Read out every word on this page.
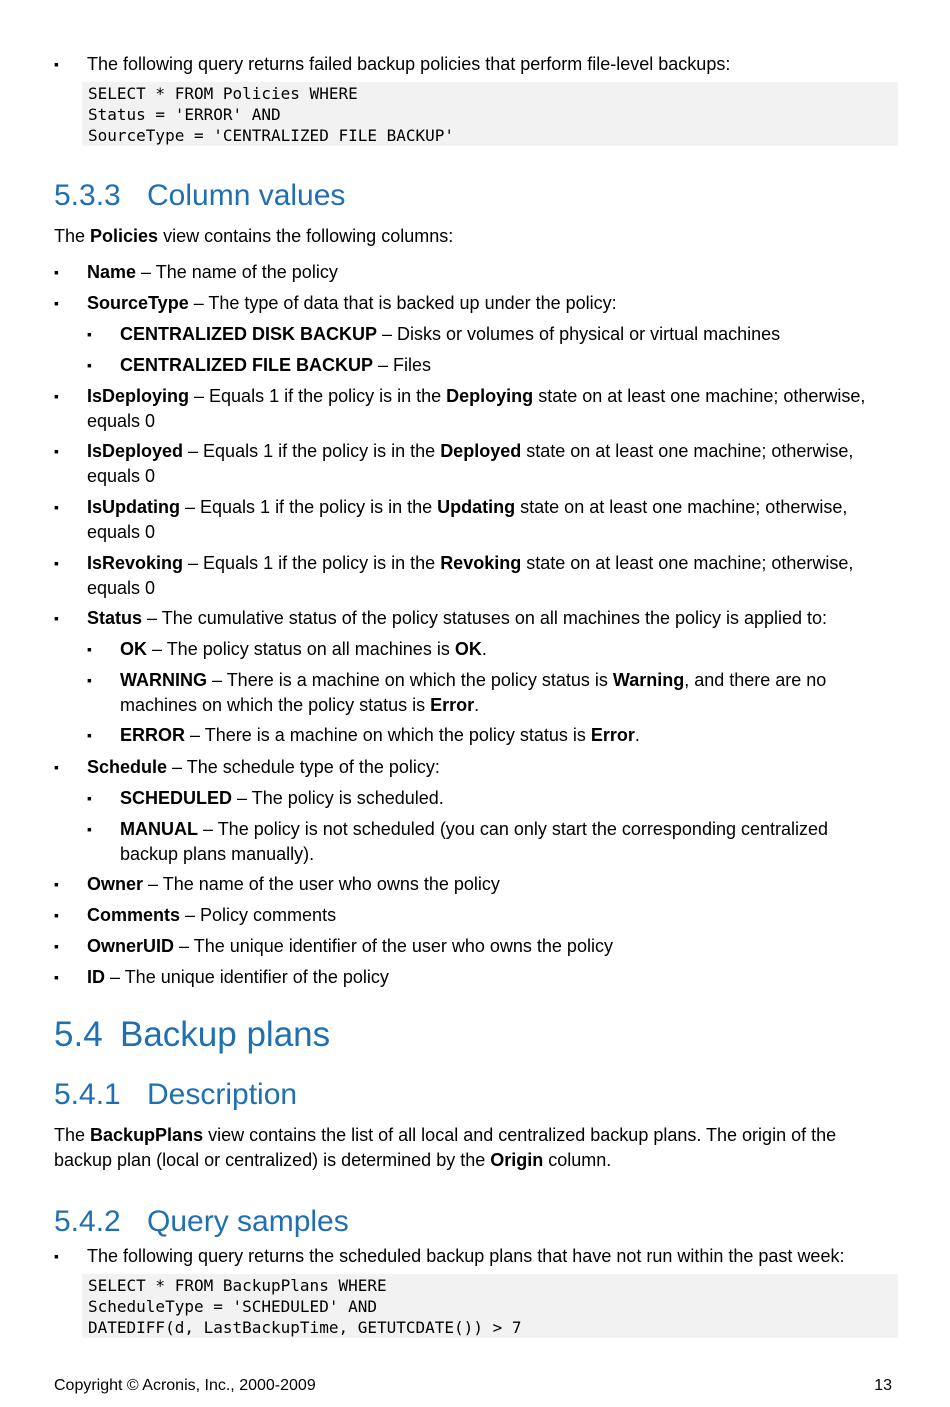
▪ The following query returns failed backup policies that perform file-level backups:
SELECT * FROM Policies WHERE
Status = 'ERROR' AND
SourceType = 'CENTRALIZED FILE BACKUP'
5.3.3 Column values
The Policies view contains the following columns:
▪ Name – The name of the policy
▪ SourceType – The type of data that is backed up under the policy:
▪ CENTRALIZED DISK BACKUP – Disks or volumes of physical or virtual machines
▪ CENTRALIZED FILE BACKUP – Files
▪ IsDeploying – Equals 1 if the policy is in the Deploying state on at least one machine; otherwise, equals 0
▪ IsDeployed – Equals 1 if the policy is in the Deployed state on at least one machine; otherwise, equals 0
▪ IsUpdating – Equals 1 if the policy is in the Updating state on at least one machine; otherwise, equals 0
▪ IsRevoking – Equals 1 if the policy is in the Revoking state on at least one machine; otherwise, equals 0
▪ Status – The cumulative status of the policy statuses on all machines the policy is applied to:
▪ OK – The policy status on all machines is OK.
▪ WARNING – There is a machine on which the policy status is Warning, and there are no machines on which the policy status is Error.
▪ ERROR – There is a machine on which the policy status is Error.
▪ Schedule – The schedule type of the policy:
▪ SCHEDULED – The policy is scheduled.
▪ MANUAL – The policy is not scheduled (you can only start the corresponding centralized backup plans manually).
▪ Owner – The name of the user who owns the policy
▪ Comments – Policy comments
▪ OwnerUID – The unique identifier of the user who owns the policy
▪ ID – The unique identifier of the policy
5.4 Backup plans
5.4.1 Description
The BackupPlans view contains the list of all local and centralized backup plans. The origin of the backup plan (local or centralized) is determined by the Origin column.
5.4.2 Query samples
▪ The following query returns the scheduled backup plans that have not run within the past week:
SELECT * FROM BackupPlans WHERE
ScheduleType = 'SCHEDULED' AND
DATEDIFF(d, LastBackupTime, GETUTCDATE()) > 7
Copyright © Acronis, Inc., 2000-2009	13
